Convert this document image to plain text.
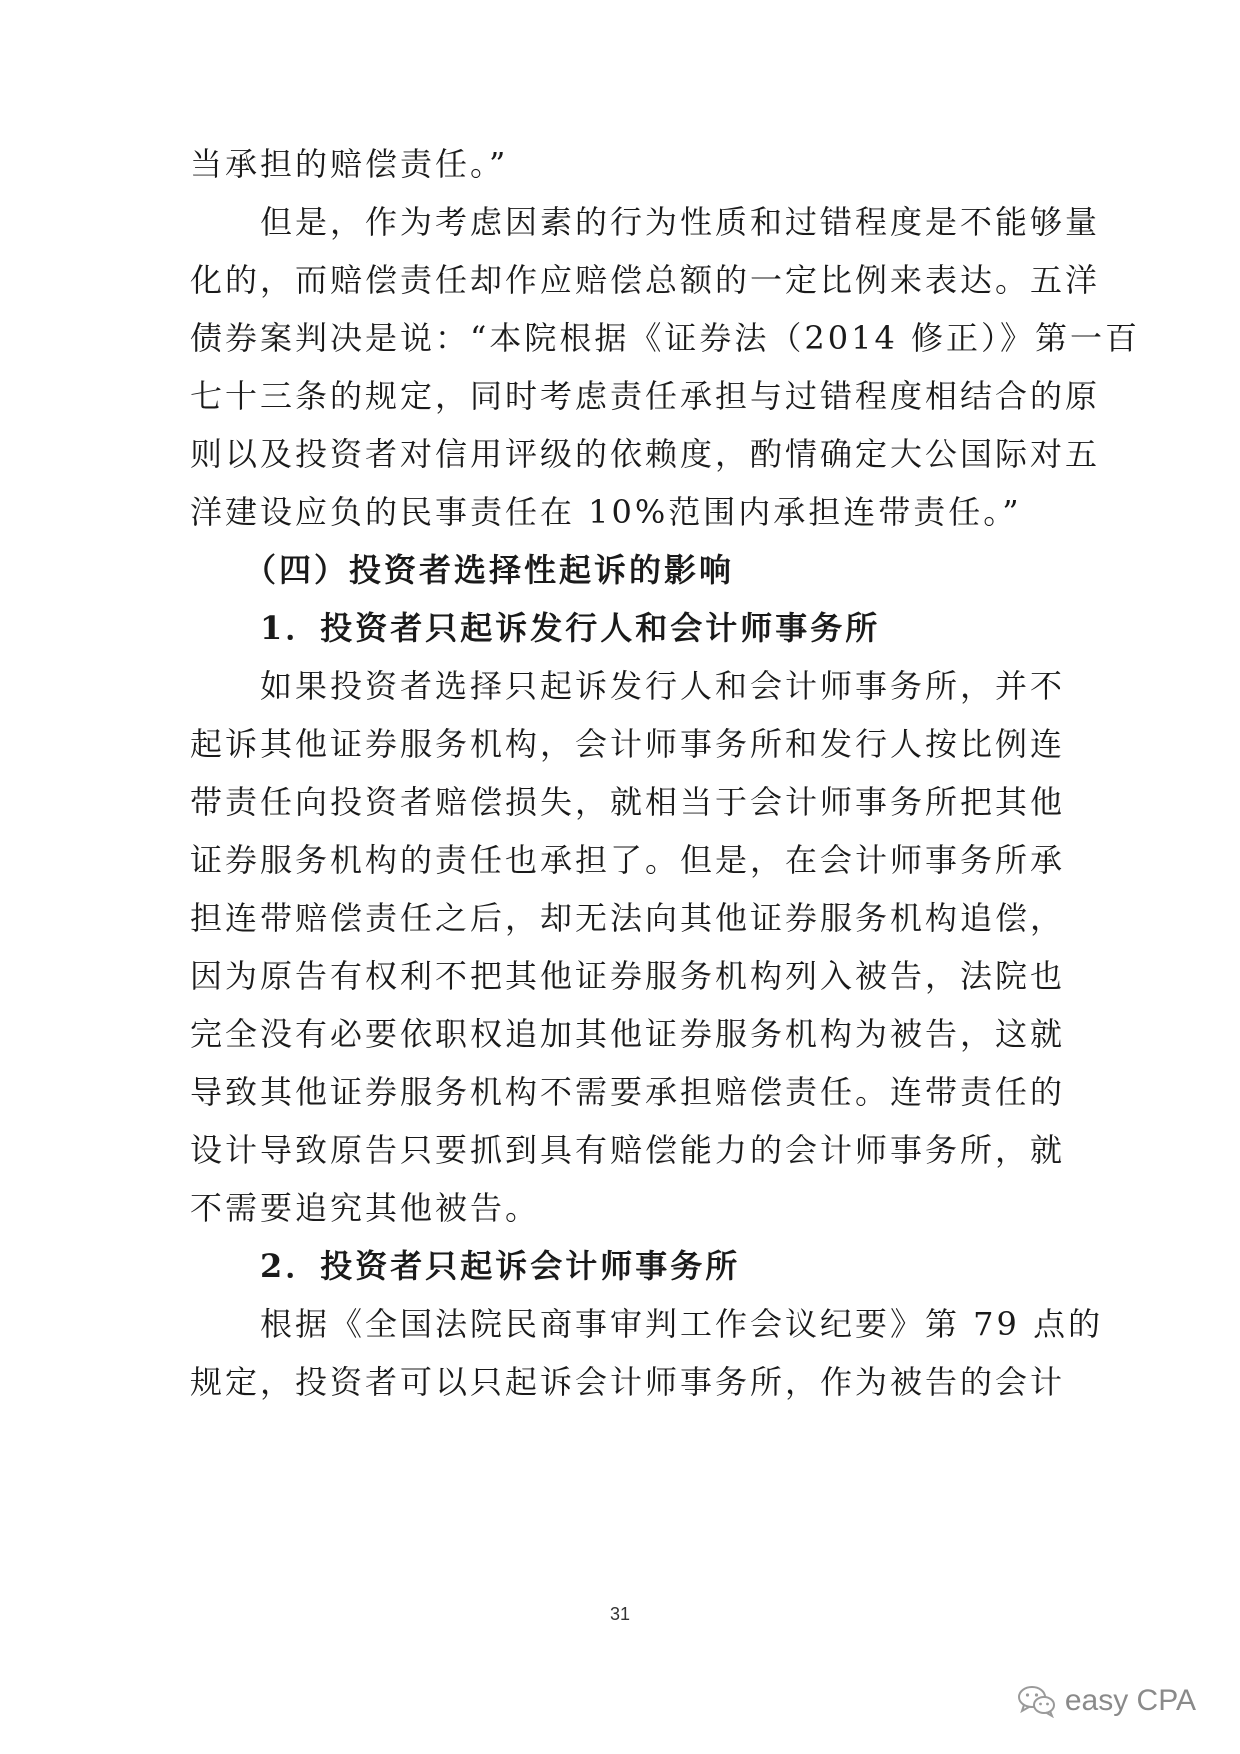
当承担的赔偿责任。”
　　但是，作为考虑因素的行为性质和过错程度是不能够量
化的，而赔偿责任却作应赔偿总额的一定比例来表达。五洋
债券案判决是说：“本院根据《证券法（2014 修正）》第一百
七十三条的规定，同时考虑责任承担与过错程度相结合的原
则以及投资者对信用评级的依赖度，酌情确定大公国际对五
洋建设应负的民事责任在 10%范围内承担连带责任。”
　　（四）投资者选择性起诉的影响
　　1．投资者只起诉发行人和会计师事务所
　　如果投资者选择只起诉发行人和会计师事务所，并不
起诉其他证券服务机构，会计师事务所和发行人按比例连
带责任向投资者赔偿损失，就相当于会计师事务所把其他
证券服务机构的责任也承担了。但是，在会计师事务所承
担连带赔偿责任之后，却无法向其他证券服务机构追偿，
因为原告有权利不把其他证券服务机构列入被告，法院也
完全没有必要依职权追加其他证券服务机构为被告，这就
导致其他证券服务机构不需要承担赔偿责任。连带责任的
设计导致原告只要抓到具有赔偿能力的会计师事务所，就
不需要追究其他被告。
　　2．投资者只起诉会计师事务所
　　根据《全国法院民商事审判工作会议纪要》第 79 点的
规定，投资者可以只起诉会计师事务所，作为被告的会计
31
easy CPA
